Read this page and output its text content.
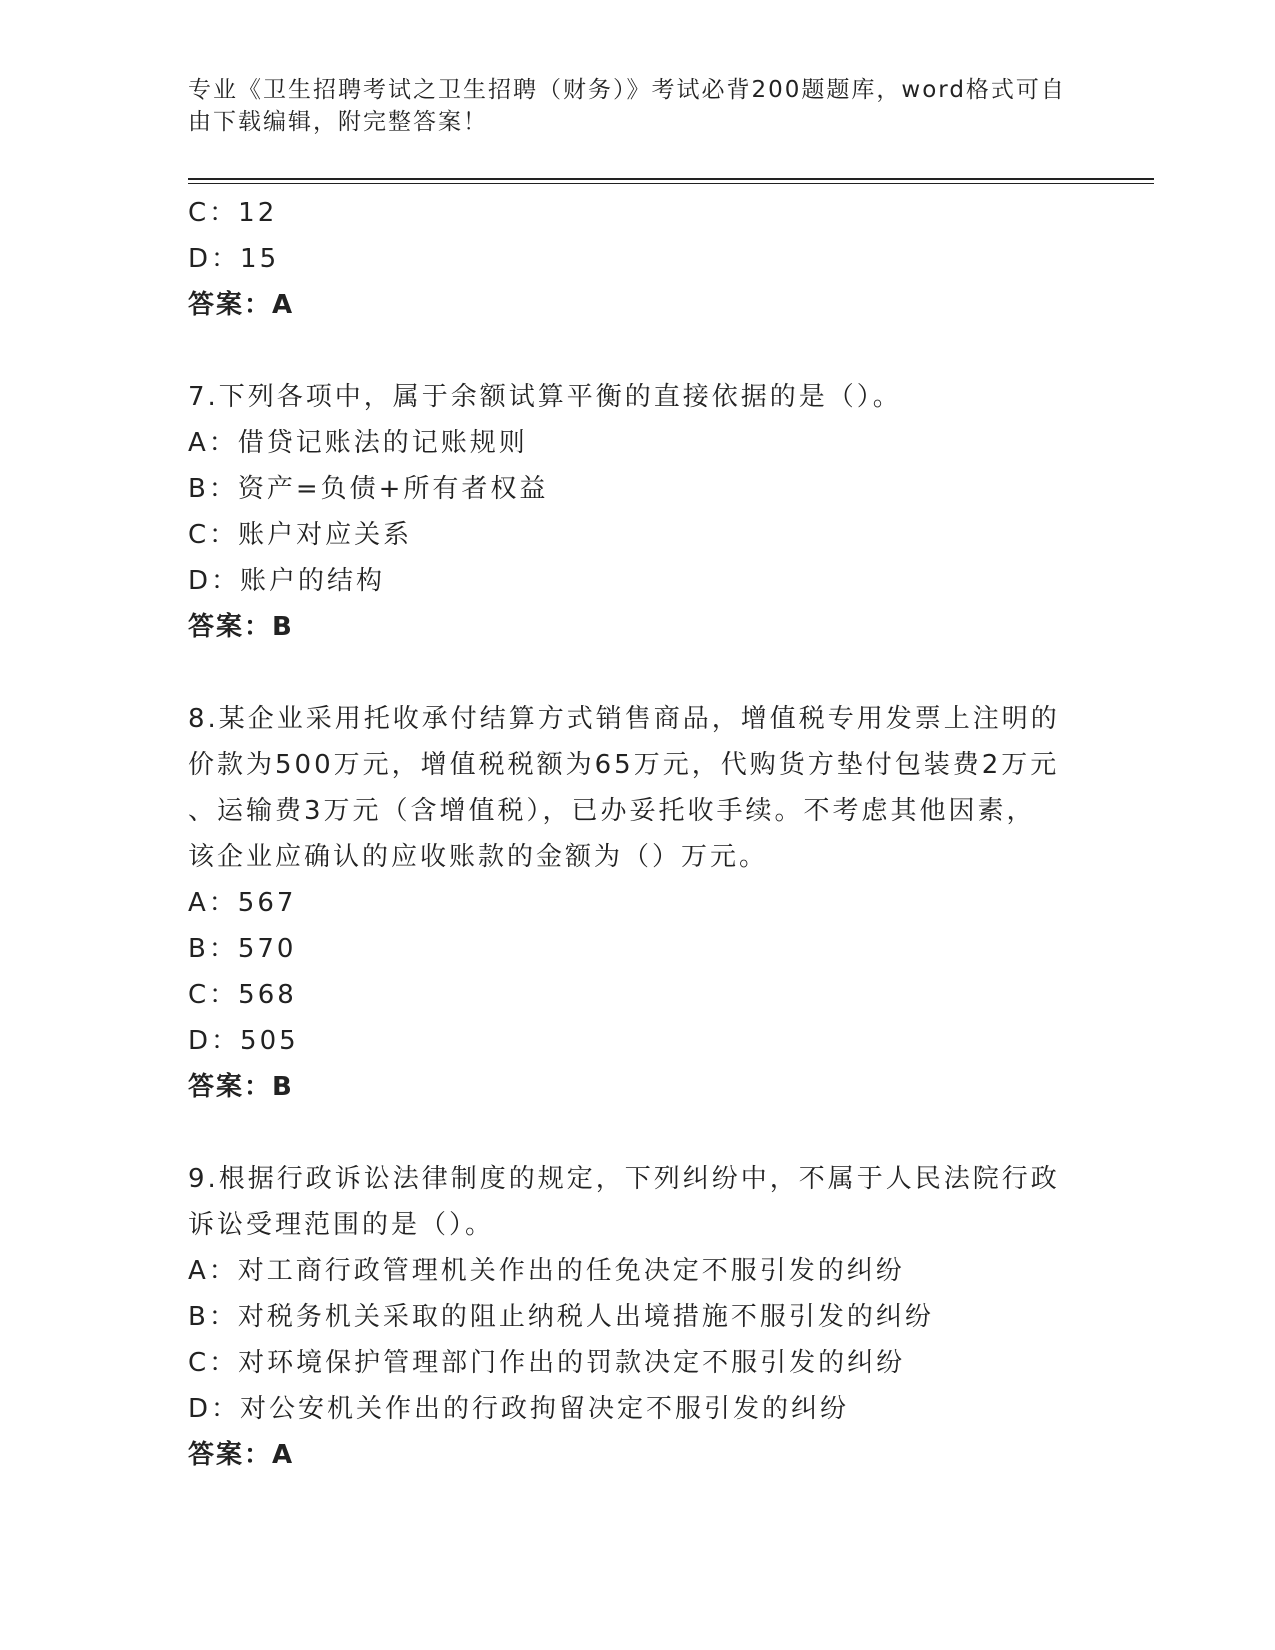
专业《卫生招聘考试之卫生招聘（财务）》考试必背200题题库，word格式可自
由下载编辑，附完整答案！
C：12
D：15
答案：A
7.下列各项中，属于余额试算平衡的直接依据的是（）。
A：借贷记账法的记账规则
B：资产=负债+所有者权益
C：账户对应关系
D：账户的结构
答案：B
8.某企业采用托收承付结算方式销售商品，增值税专用发票上注明的
价款为500万元，增值税税额为65万元，代购货方垫付包装费2万元
、运输费3万元（含增值税），已办妥托收手续。不考虑其他因素，
该企业应确认的应收账款的金额为（）万元。
A：567
B：570
C：568
D：505
答案：B
9.根据行政诉讼法律制度的规定，下列纠纷中，不属于人民法院行政
诉讼受理范围的是（）。
A：对工商行政管理机关作出的任免决定不服引发的纠纷
B：对税务机关采取的阻止纳税人出境措施不服引发的纠纷
C：对环境保护管理部门作出的罚款决定不服引发的纠纷
D：对公安机关作出的行政拘留决定不服引发的纠纷
答案：A
